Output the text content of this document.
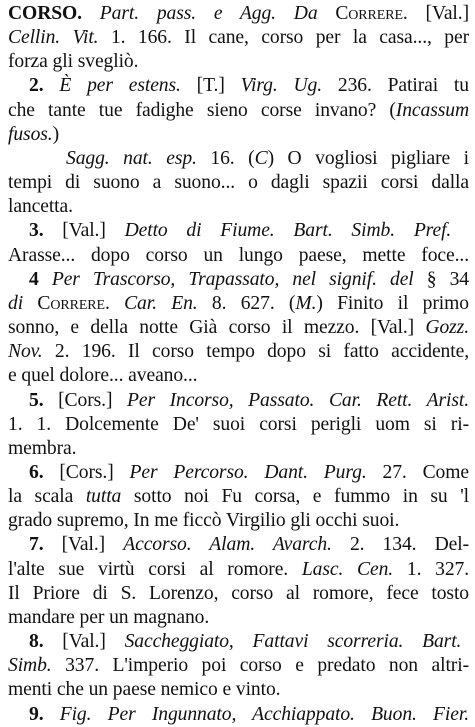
CORSO. Part. pass. e Agg. Da Correre. [Val.]
Cellin. Vit. 1. 166. Il cane, corso per la casa..., per
forza gli svegliò.
2. È per estens. [T.] Virg. Ug. 236. Patirai tu
che tante tue fadighe sieno corse invano? (Incassum
fusos.)
Sagg. nat. esp. 16. (C) O vogliosi pigliare i
tempi di suono a suono... o dagli spazii corsi dalla
lancetta.
3. [Val.] Detto di Fiume. Bart. Simb. Pref.
Arasse... dopo corso un lungo paese, mette foce...
4 Per Trascorso, Trapassato, nel signif. del § 34
di Correre. Car. En. 8. 627. (M.) Finito il primo
sonno, e della notte Già corso il mezzo. [Val.] Gozz.
Nov. 2. 196. Il corso tempo dopo si fatto accidente,
e quel dolore... aveano...
5. [Cors.] Per Incorso, Passato. Car. Rett. Arist.
1. 1. Dolcemente De' suoi corsi perigli uom si ri-
membra.
6. [Cors.] Per Percorso. Dant. Purg. 27. Come
la scala tutta sotto noi Fu corsa, e fummo in su 'l
grado supremo, In me ficcò Virgilio gli occhi suoi.
7. [Val.] Accorso. Alam. Avarch. 2. 134. Del-
l'alte sue virtù corsi al romore. Lasc. Cen. 1. 327.
Il Priore di S. Lorenzo, corso al romore, fece tosto
mandare per un magnano.
8. [Val.] Saccheggiato, Fattavi scorreria. Bart.
Simb. 337. L'imperio poi corso e predato non altri-
menti che un paese nemico e vinto.
9. Fig. Per Ingunnato, Acchiappato. Buon. Fier.
